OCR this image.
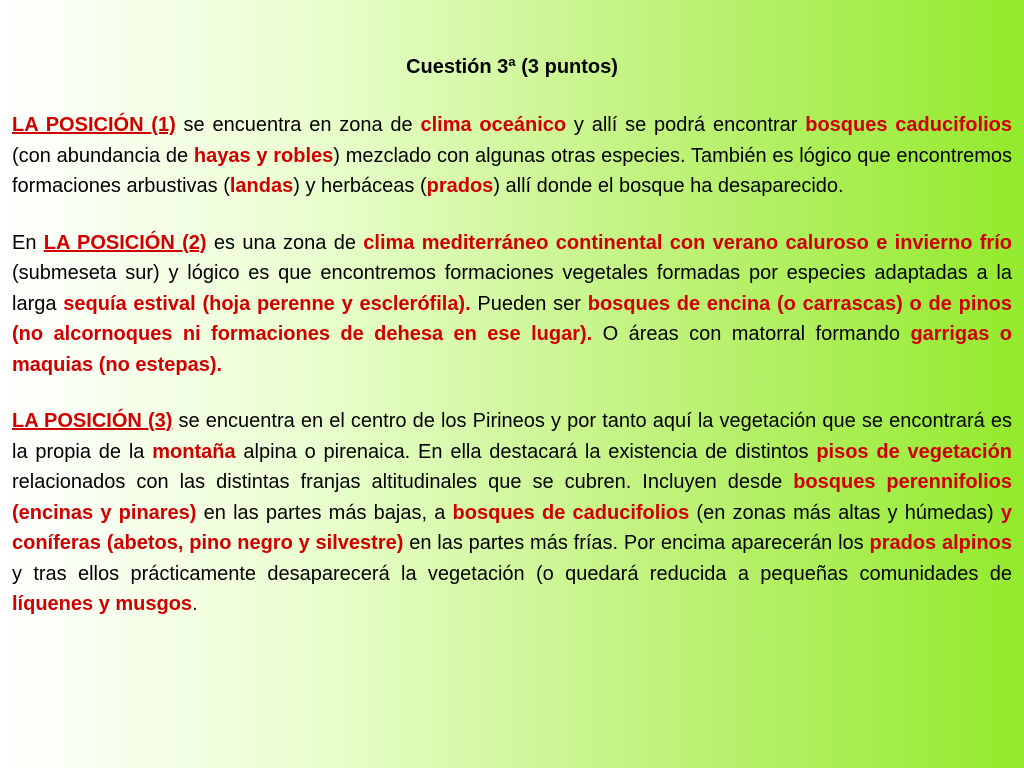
Cuestión 3ª (3 puntos)

LA POSICIÓN (1) se encuentra en zona de clima oceánico y allí se podrá encontrar bosques caducifolios (con abundancia de hayas y robles) mezclado con algunas otras especies. También es lógico que encontremos formaciones arbustivas (landas) y herbáceas (prados) allí donde el bosque ha desaparecido.

En LA POSICIÓN (2) es una zona de clima mediterráneo continental con verano caluroso e invierno frío (submeseta sur) y lógico es que encontremos formaciones vegetales formadas por especies adaptadas a la larga sequía estival (hoja perenne y esclerófila). Pueden ser bosques de encina (o carrascas) o de pinos (no alcornoques ni formaciones de dehesa en ese lugar). O áreas con matorral formando garrigas o maquias (no estepas).

LA POSICIÓN (3) se encuentra en el centro de los Pirineos y por tanto aquí la vegetación que se encontrará es la propia de la montaña alpina o pirenaica. En ella destacará la existencia de distintos pisos de vegetación relacionados con las distintas franjas altitudinales que se cubren. Incluyen desde bosques perennifolios (encinas y pinares) en las partes más bajas, a bosques de caducifolios (en zonas más altas y húmedas) y coníferas (abetos, pino negro y silvestre) en las partes más frías. Por encima aparecerán los prados alpinos y tras ellos prácticamente desaparecerá la vegetación (o quedará reducida a pequeñas comunidades de líquenes y musgos.
